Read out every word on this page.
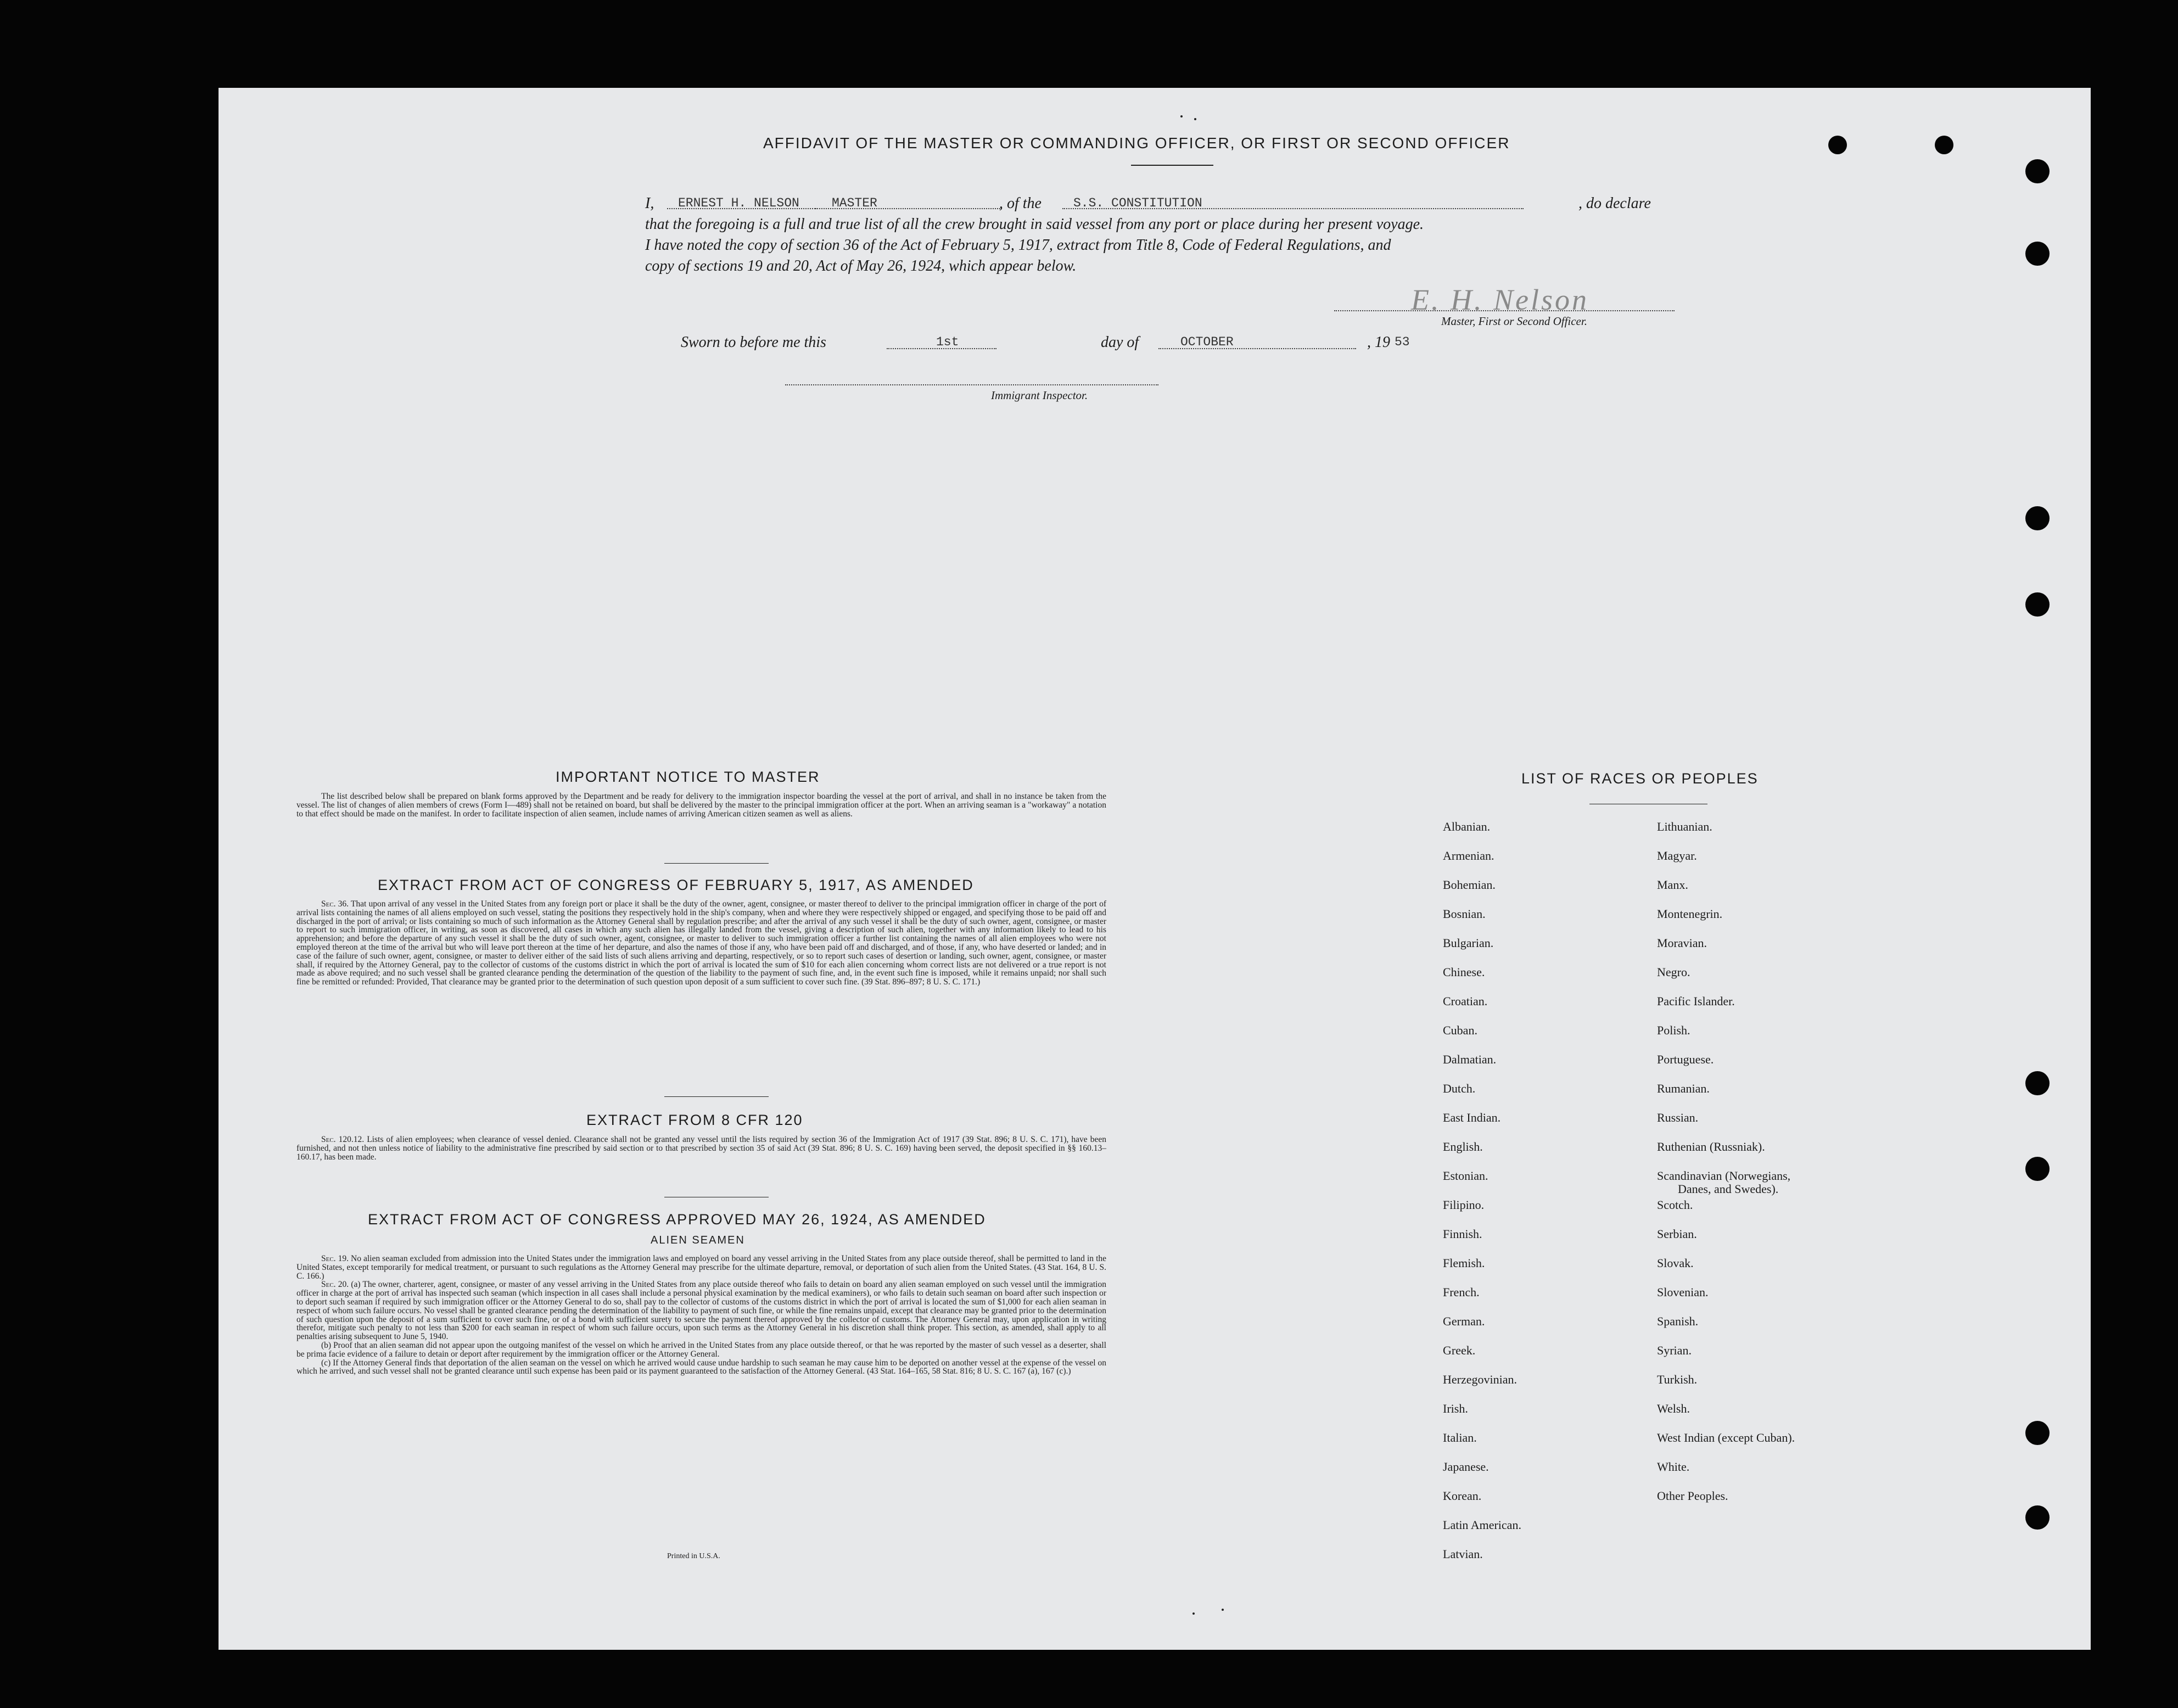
AFFIDAVIT OF THE MASTER OR COMMANDING OFFICER, OR FIRST OR SECOND OFFICER
I, ERNEST H. NELSON	MASTER	, of the	S.S. CONSTITUTION	, do declare
that the foregoing is a full and true list of all the crew brought in said vessel from any port or place during her present voyage.
I have noted the copy of section 36 of the Act of February 5, 1917, extract from Title 8, Code of Federal Regulations, and
copy of sections 19 and 20, Act of May 26, 1924, which appear below.
E. H. Nelson
Master, First or Second Officer.
Sworn to before me this	1st	day of	OCTOBER	, 19 53
Immigrant Inspector.
IMPORTANT NOTICE TO MASTER

The list described below shall be prepared on blank forms approved by the Department and be ready for delivery to the immigration inspector boarding the vessel at the port of arrival, and shall in no instance be taken from the vessel. The list of changes of alien members of crews (Form I—489) shall not be retained on board, but shall be delivered by the master to the principal immigration officer at the port. When an arriving seaman is a "workaway" a notation to that effect should be made on the manifest. In order to facilitate inspection of alien seamen, include names of arriving American citizen seamen as well as aliens.

EXTRACT FROM ACT OF CONGRESS OF FEBRUARY 5, 1917, AS AMENDED

Sec. 36. That upon arrival of any vessel in the United States from any foreign port or place it shall be the duty of the owner, agent, consignee, or master thereof to deliver to the principal immigration officer in charge of the port of arrival lists containing the names of all aliens employed on such vessel, stating the positions they respectively hold in the ship's company, when and where they were respectively shipped or engaged, and specifying those to be paid off and discharged in the port of arrival; or lists containing so much of such information as the Attorney General shall by regulation prescribe; and after the arrival of any such vessel it shall be the duty of such owner, agent, consignee, or master to report to such immigration officer, in writing, as soon as discovered, all cases in which any such alien has illegally landed from the vessel, giving a description of such alien, together with any information likely to lead to his apprehension; and before the departure of any such vessel it shall be the duty of such owner, agent, consignee, or master to deliver to such immigration officer a further list containing the names of all alien employees who were not employed thereon at the time of the arrival but who will leave port thereon at the time of her departure, and also the names of those if any, who have been paid off and discharged, and of those, if any, who have deserted or landed; and in case of the failure of such owner, agent, consignee, or master to deliver either of the said lists of such aliens arriving and departing, respectively, or so to report such cases of desertion or landing, such owner, agent, consignee, or master shall, if required by the Attorney General, pay to the collector of customs of the customs district in which the port of arrival is located the sum of $10 for each alien concerning whom correct lists are not delivered or a true report is not made as above required; and no such vessel shall be granted clearance pending the determination of the question of the liability to the payment of such fine, and, in the event such fine is imposed, while it remains unpaid; nor shall such fine be remitted or refunded: Provided, That clearance may be granted prior to the determination of such question upon deposit of a sum sufficient to cover such fine. (39 Stat. 896–897; 8 U. S. C. 171.)

EXTRACT FROM 8 CFR 120

Sec. 120.12. Lists of alien employees; when clearance of vessel denied. Clearance shall not be granted any vessel until the lists required by section 36 of the Immigration Act of 1917 (39 Stat. 896; 8 U. S. C. 171), have been furnished, and not then unless notice of liability to the administrative fine prescribed by said section or to that prescribed by section 35 of said Act (39 Stat. 896; 8 U. S. C. 169) having been served, the deposit specified in §§ 160.13–160.17, has been made.

EXTRACT FROM ACT OF CONGRESS APPROVED MAY 26, 1924, AS AMENDED
ALIEN SEAMEN

Sec. 19. No alien seaman excluded from admission into the United States under the immigration laws and employed on board any vessel arriving in the United States from any place outside thereof, shall be permitted to land in the United States, except temporarily for medical treatment, or pursuant to such regulations as the Attorney General may prescribe for the ultimate departure, removal, or deportation of such alien from the United States. (43 Stat. 164, 8 U. S. C. 166.)

Sec. 20. (a) The owner, charterer, agent, consignee, or master of any vessel arriving in the United States from any place outside thereof who fails to detain on board any alien seaman employed on such vessel until the immigration officer in charge at the port of arrival has inspected such seaman (which inspection in all cases shall include a personal physical examination by the medical examiners), or who fails to detain such seaman on board after such inspection or to deport such seaman if required by such immigration officer or the Attorney General to do so, shall pay to the collector of customs of the customs district in which the port of arrival is located the sum of $1,000 for each alien seaman in respect of whom such failure occurs. No vessel shall be granted clearance pending the determination of the liability to payment of such fine, or while the fine remains unpaid, except that clearance may be granted prior to the determination of such question upon the deposit of a sum sufficient to cover such fine, or of a bond with sufficient surety to secure the payment thereof approved by the collector of customs. The Attorney General may, upon application in writing therefor, mitigate such penalty to not less than $200 for each seaman in respect of whom such failure occurs, upon such terms as the Attorney General in his discretion shall think proper. This section, as amended, shall apply to all penalties arising subsequent to June 5, 1940.

(b) Proof that an alien seaman did not appear upon the outgoing manifest of the vessel on which he arrived in the United States from any place outside thereof, or that he was reported by the master of such vessel as a deserter, shall be prima facie evidence of a failure to detain or deport after requirement by the immigration officer or the Attorney General.

(c) If the Attorney General finds that deportation of the alien seaman on the vessel on which he arrived would cause undue hardship to such seaman he may cause him to be deported on another vessel at the expense of the vessel on which he arrived, and such vessel shall not be granted clearance until such expense has been paid or its payment guaranteed to the satisfaction of the Attorney General. (43 Stat. 164–165, 58 Stat. 816; 8 U. S. C. 167 (a), 167 (c).)

Printed in U.S.A.
LIST OF RACES OR PEOPLES
Albanian.
Armenian.
Bohemian.
Bosnian.
Bulgarian.
Chinese.
Croatian.
Cuban.
Dalmatian.
Dutch.
East Indian.
English.
Estonian.
Filipino.
Finnish.
Flemish.
French.
German.
Greek.
Herzegovinian.
Irish.
Italian.
Japanese.
Korean.
Latin American.
Latvian.
Lithuanian.
Magyar.
Manx.
Montenegrin.
Moravian.
Negro.
Pacific Islander.
Polish.
Portuguese.
Rumanian.
Russian.
Ruthenian (Russniak).
Scandinavian (Norwegians,
Danes, and Swedes).
Scotch.
Serbian.
Slovak.
Slovenian.
Spanish.
Syrian.
Turkish.
Welsh.
West Indian (except Cuban).
White.
Other Peoples.
